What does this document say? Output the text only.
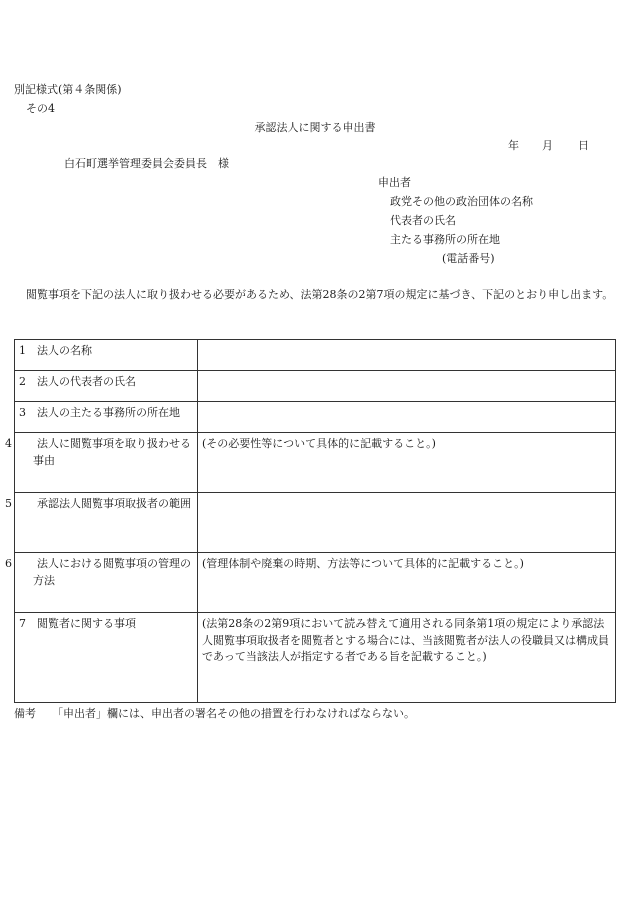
別記様式(第４条関係)
その4
承認法人に関する申出書
年 月 日
白石町選挙管理委員会委員長　様
申出者
政党その他の政治団体の名称
代表者の氏名
主たる事務所の所在地
(電話番号)
閲覧事項を下記の法人に取り扱わせる必要があるため、法第28条の2第7項の規定に基づき、下記のとおり申し出ます。
1 法人の名称	
2 法人の代表者の氏名	
3 法人の主たる事務所の所在地	

4 法人に閲覧事項を取り扱わせる事由	(その必要性等について具体的に記載すること。)

5 承認法人閲覧事項取扱者の範囲	

6 法人における閲覧事項の管理の方法	(管理体制や廃棄の時期、方法等について具体的に記載すること。)
7 閲覧者に関する事項	(法第28条の2第9項において読み替えて適用される同条第1項の規定により承認法人閲覧事項取扱者を閲覧者とする場合には、当該閲覧者が法人の役職員又は構成員であって当該法人が指定する者である旨を記載すること。)
備考 「申出者」欄には、申出者の署名その他の措置を行わなければならない。
